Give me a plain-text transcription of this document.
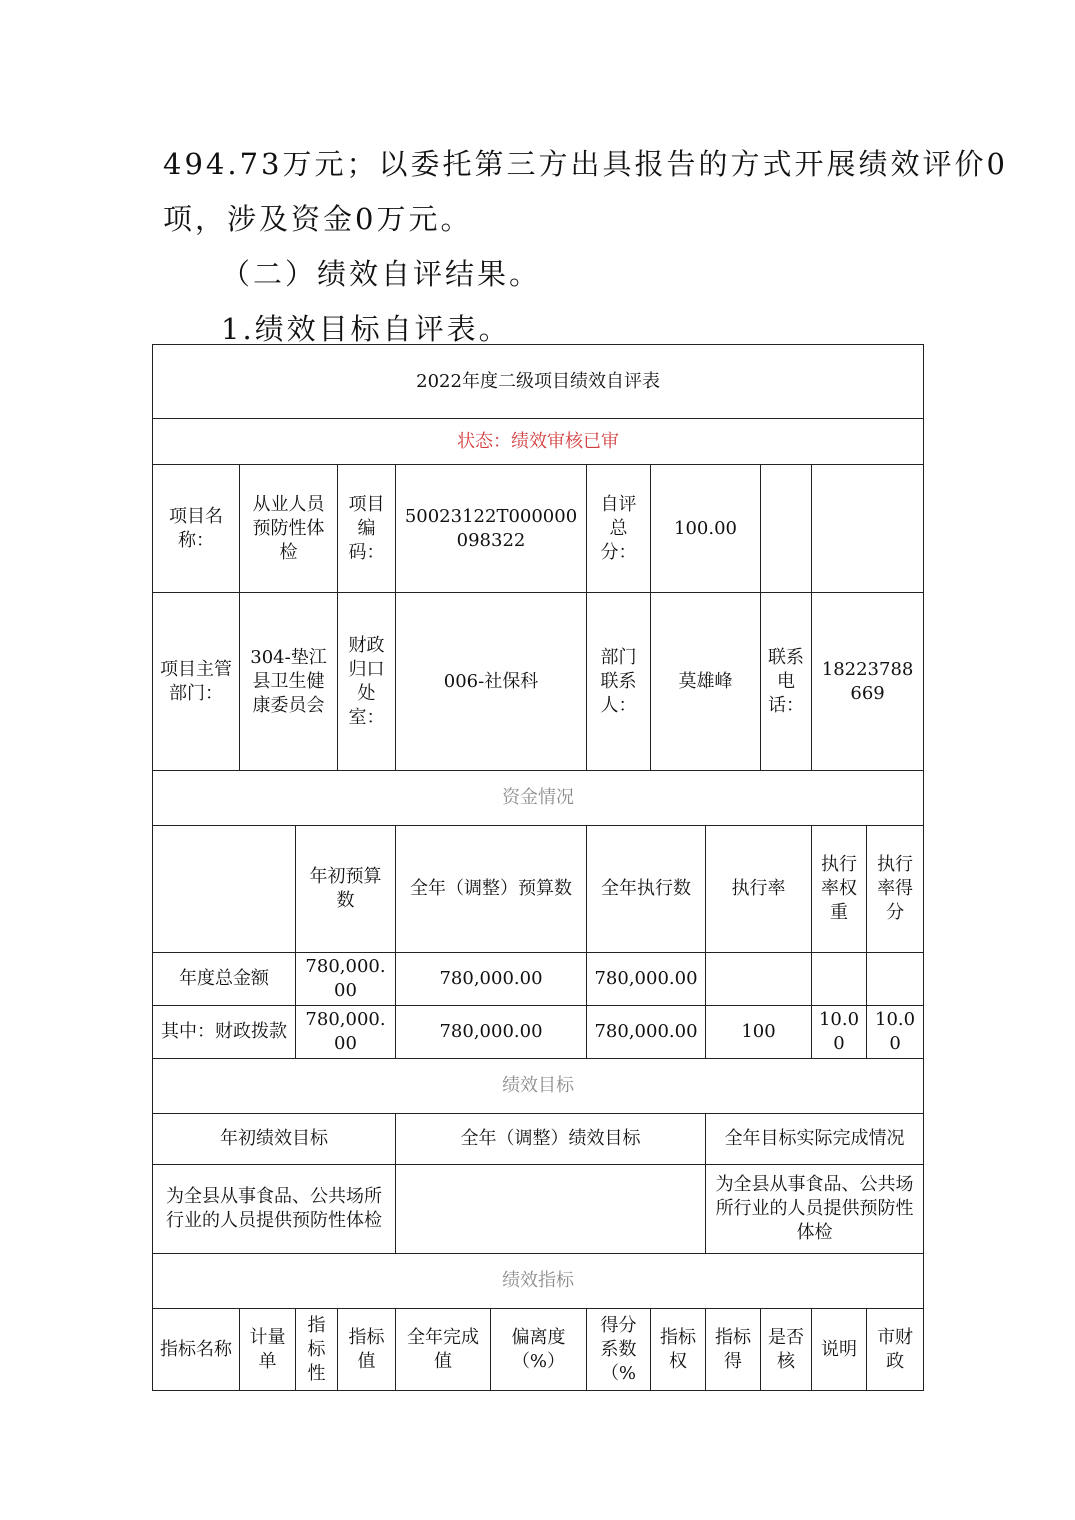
494.73万元；以委托第三方出具报告的方式开展绩效评价0

项，涉及资金0万元。

（二）绩效自评结果。

1.绩效目标自评表。

2022年度二级项目绩效自评表											
状态：绩效审核已审											
项目名称：	从业人员预防性体检		项目编码：	50023122T000000098322		自评总分：	100.00				
项目主管部门：	304-垫江县卫生健康委员会		财政归口处室：	006-社保科		部门联系人：	莫雄峰		联系电话：	18223788669	
资金情况											
		年初预算数		全年（调整）预算数		全年执行数		执行率		执行率权重	执行率得分
年度总金额		780,000.00		780,000.00		780,000.00					
其中：财政拨款		780,000.00		780,000.00		780,000.00		100		10.00	10.00
绩效目标											
年初绩效目标				全年（调整）绩效目标				全年目标实际完成情况			
为全县从事食品、公共场所行业的人员提供预防性体检								为全县从事食品、公共场所行业的人员提供预防性体检			
绩效指标											
指标名称	计量单	指标性	指标值	全年完成值	偏离度（%）	得分系数（%	指标权	指标得	是否核	说明	市财政
